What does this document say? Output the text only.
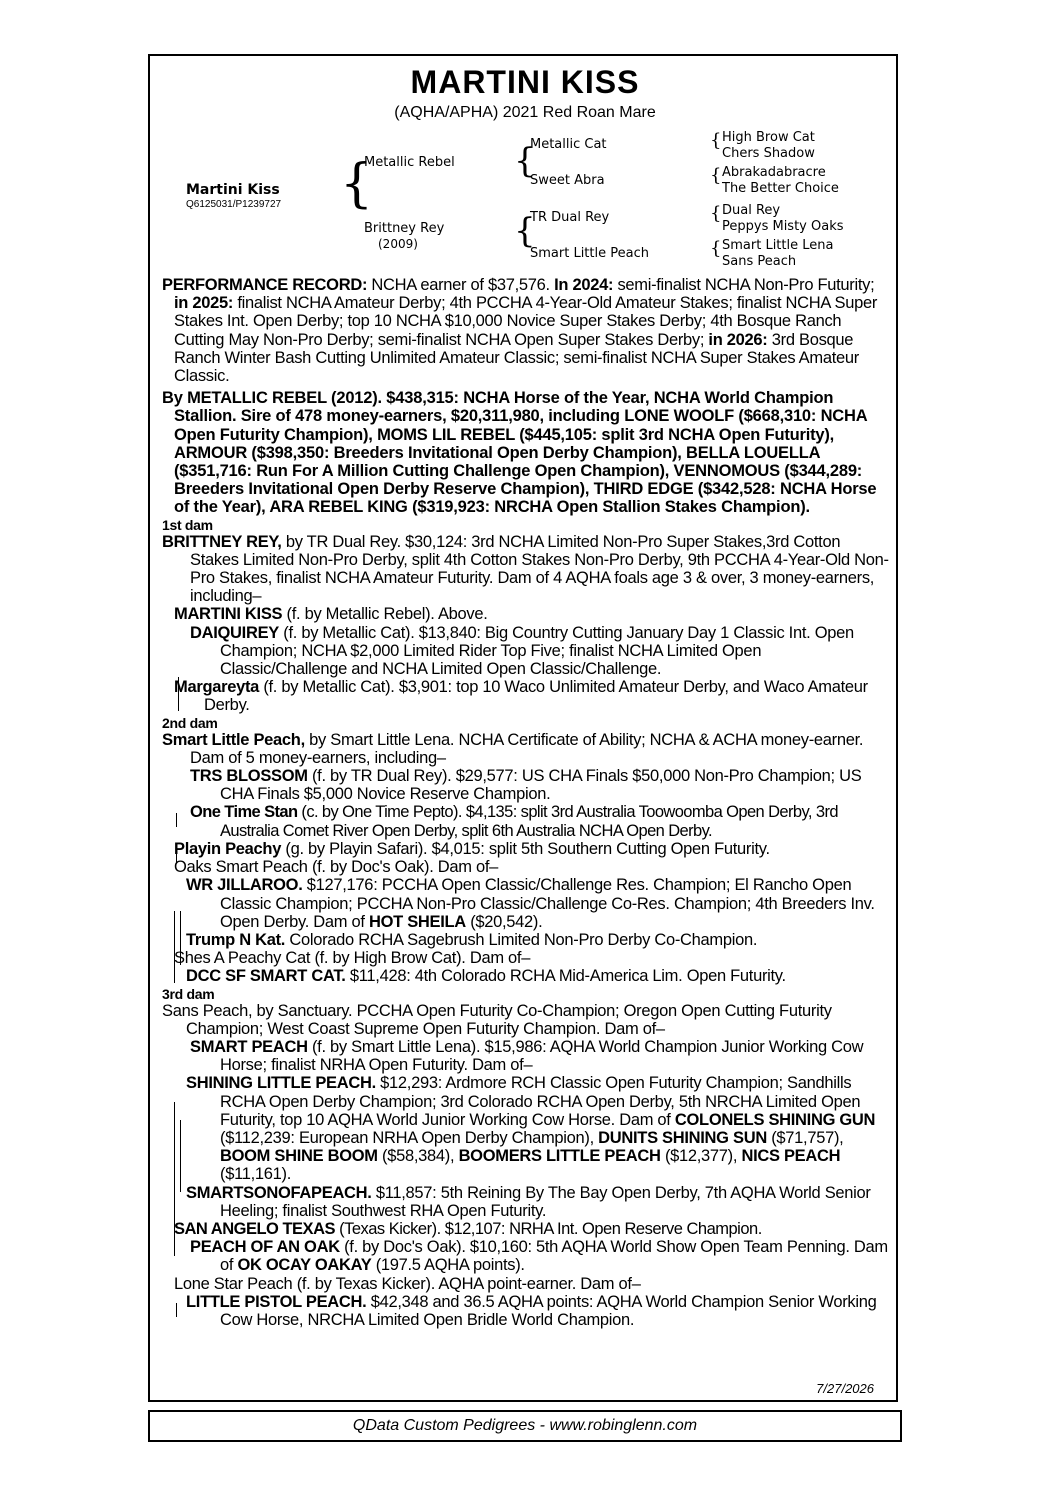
MARTINI KISS
(AQHA/APHA) 2021 Red Roan Mare
Martini Kiss
Q6125031/P1239727 {
Metallic Rebel
Brittney Rey
(2009)
{
Metallic Cat
Sweet Abra
{
TR Dual Rey
Smart Little Peach
{ High Brow Cat
Chers Shadow
{ Abrakadabracre
The Better Choice
{ Dual Rey
Peppys Misty Oaks
{ Smart Little Lena
Sans Peach

PERFORMANCE RECORD: NCHA earner of $37,576. In 2024: semi-finalist NCHA Non-Pro Futurity; in 2025: finalist NCHA Amateur Derby; 4th PCCHA 4-Year-Old Amateur Stakes; finalist NCHA Super Stakes Int. Open Derby; top 10 NCHA $10,000 Novice Super Stakes Derby; 4th Bosque Ranch Cutting May Non-Pro Derby; semi-finalist NCHA Open Super Stakes Derby; in 2026: 3rd Bosque Ranch Winter Bash Cutting Unlimited Amateur Classic; semi-finalist NCHA Super Stakes Amateur Classic.

By METALLIC REBEL (2012). $438,315: NCHA Horse of the Year, NCHA World Champion Stallion. Sire of 478 money-earners, $20,311,980, including LONE WOOLF ($668,310: NCHA Open Futurity Champion), MOMS LIL REBEL ($445,105: split 3rd NCHA Open Futurity), ARMOUR ($398,350: Breeders Invitational Open Derby Champion), BELLA LOUELLA ($351,716: Run For A Million Cutting Challenge Open Champion), VENNOMOUS ($344,289: Breeders Invitational Open Derby Reserve Champion), THIRD EDGE ($342,528: NCHA Horse of the Year), ARA REBEL KING ($319,923: NRCHA Open Stallion Stakes Champion).

1st dam

BRITTNEY REY, by TR Dual Rey. $30,124: 3rd NCHA Limited Non-Pro Super Stakes,3rd Cotton Stakes Limited Non-Pro Derby, split 4th Cotton Stakes Non-Pro Derby, 9th PCCHA 4-Year-Old Non-Pro Stakes, finalist NCHA Amateur Futurity. Dam of 4 AQHA foals age 3 & over, 3 money-earners, including–

MARTINI KISS (f. by Metallic Rebel). Above.

DAIQUIREY (f. by Metallic Cat). $13,840: Big Country Cutting January Day 1 Classic Int. Open Champion; NCHA $2,000 Limited Rider Top Five; finalist NCHA Limited Open Classic/Challenge and NCHA Limited Open Classic/Challenge.

Margareyta (f. by Metallic Cat). $3,901: top 10 Waco Unlimited Amateur Derby, and Waco Amateur Derby.

2nd dam

Smart Little Peach, by Smart Little Lena. NCHA Certificate of Ability; NCHA & ACHA money-earner. Dam of 5 money-earners, including–

TRS BLOSSOM (f. by TR Dual Rey). $29,577: US CHA Finals $50,000 Non-Pro Champion; US CHA Finals $5,000 Novice Reserve Champion.

One Time Stan (c. by One Time Pepto). $4,135: split 3rd Australia Toowoomba Open Derby, 3rd Australia Comet River Open Derby, split 6th Australia NCHA Open Derby.

Playin Peachy (g. by Playin Safari). $4,015: split 5th Southern Cutting Open Futurity.

Oaks Smart Peach (f. by Doc's Oak). Dam of–

WR JILLAROO. $127,176: PCCHA Open Classic/Challenge Res. Champion; El Rancho Open Classic Champion; PCCHA Non-Pro Classic/Challenge Co-Res. Champion; 4th Breeders Inv. Open Derby. Dam of HOT SHEILA ($20,542).

Trump N Kat. Colorado RCHA Sagebrush Limited Non-Pro Derby Co-Champion.

Shes A Peachy Cat (f. by High Brow Cat). Dam of–

DCC SF SMART CAT. $11,428: 4th Colorado RCHA Mid-America Lim. Open Futurity.

3rd dam

Sans Peach, by Sanctuary. PCCHA Open Futurity Co-Champion; Oregon Open Cutting Futurity Champion; West Coast Supreme Open Futurity Champion. Dam of–

SMART PEACH (f. by Smart Little Lena). $15,986: AQHA World Champion Junior Working Cow Horse; finalist NRHA Open Futurity. Dam of–

SHINING LITTLE PEACH. $12,293: Ardmore RCH Classic Open Futurity Champion; Sandhills RCHA Open Derby Champion; 3rd Colorado RCHA Open Derby, 5th NRCHA Limited Open Futurity, top 10 AQHA World Junior Working Cow Horse. Dam of COLONELS SHINING GUN ($112,239: European NRHA Open Derby Champion), DUNITS SHINING SUN ($71,757), BOOM SHINE BOOM ($58,384), BOOMERS LITTLE PEACH ($12,377), NICS PEACH ($11,161).

SMARTSONOFAPEACH. $11,857: 5th Reining By The Bay Open Derby, 7th AQHA World Senior Heeling; finalist Southwest RHA Open Futurity.

SAN ANGELO TEXAS (Texas Kicker). $12,107: NRHA Int. Open Reserve Champion.

PEACH OF AN OAK (f. by Doc's Oak). $10,160: 5th AQHA World Show Open Team Penning. Dam of OK OCAY OAKAY (197.5 AQHA points).

Lone Star Peach (f. by Texas Kicker). AQHA point-earner. Dam of–

LITTLE PISTOL PEACH. $42,348 and 36.5 AQHA points: AQHA World Champion Senior Working Cow Horse, NRCHA Limited Open Bridle World Champion.

7/27/2026
QData Custom Pedigrees - www.robinglenn.com
